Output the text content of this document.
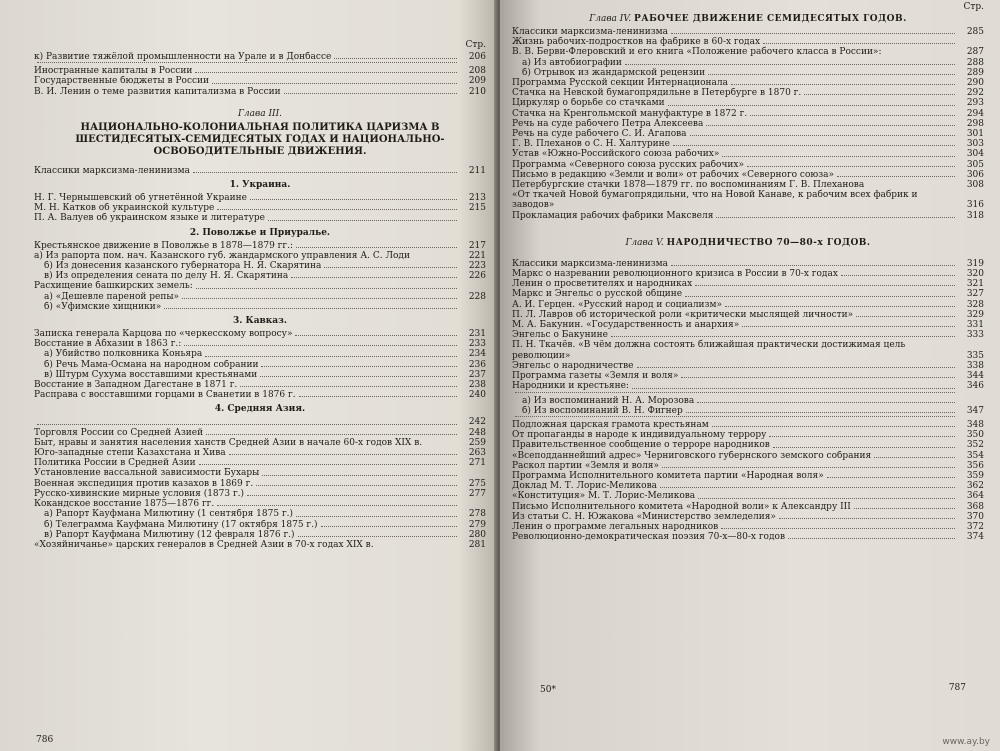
Стр.
к) Развитие тяжёлой промышленности на Урале и в Донбассе	206
Иностранные капиталы в России	208
Государственные бюджеты в России	209
В. И. Ленин о теме развития капитализма в России	210
Глава III.
НАЦИОНАЛЬНО-КОЛОНИАЛЬНАЯ ПОЛИТИКА ЦАРИЗМА В ШЕСТИДЕСЯТЫХ-СЕМИДЕСЯТЫХ ГОДАХ И НАЦИОНАЛЬНО-ОСВОБОДИТЕЛЬНЫЕ ДВИЖЕНИЯ.
Классики марксизма-ленинизма	211
1. Украина.
Н. Г. Чернышевский об угнетённой Украине	213
М. Н. Катков об украинской культуре	215
П. А. Валуев об украинском языке и литературе
2. Поволжье и Приуралье.
Крестьянское движение в Поволжье в 1878—1879 гг.:	217
а) Из рапорта пом. нач. Казанского губ. жандармского управления А. С. Лоди	221
б) Из донесения казанского губернатора Н. Я. Скарятина	223
в) Из определения сената по делу Н. Я. Скарятина	226
Расхищение башкирских земель:
а) «Дешевле пареной репы»	228
б) «Уфимские хищники»
3. Кавказ.
Записка генерала Карцова по «черкесскому вопросу»	231
Восстание в Абхазии в 1863 г.:	233
а) Убийство полковника Коньяра	234
б) Речь Мама-Османа на народном собрании	236
в) Штурм Сухума восставшими крестьянами	237
Восстание в Западном Дагестане в 1871 г.	238
Расправа с восставшими горцами в Сванетии в 1876 г.	240
4. Средняя Азия.
242
Торговля России со Средней Азией	248
Быт, нравы и занятия населения ханств Средней Азии в начале 60-х годов XIX в.	259
Юго-западные степи Казахстана и Хива	263
Политика России в Средней Азии	271
Установление вассальной зависимости Бухары
Военная экспедиция против казахов в 1869 г.	275
Русско-хивинские мирные условия (1873 г.)	277
Кокандское восстание 1875—1876 гг.
а) Рапорт Кауфмана Милютину (1 сентября 1875 г.)	278
б) Телеграмма Кауфмана Милютину (17 октября 1875 г.)	279
в) Рапорт Кауфмана Милютину (12 февраля 1876 г.)	280
«Хозяйничанье» царских генералов в Средней Азии в 70-х годах XIX в.	281
786
Стр.
Глава IV. РАБОЧЕЕ ДВИЖЕНИЕ СЕМИДЕСЯТЫХ ГОДОВ.
Классики марксизма-ленинизма	285
Жизнь рабочих-подростков на фабрике в 60-х годах
В. В. Берви-Флеровский и его книга «Положение рабочего класса в России»:	287
а) Из автобиографии	288
б) Отрывок из жандармской рецензии	289
Программа Русской секции Интернационала	290
Стачка на Невской бумагопрядильне в Петербурге в 1870 г.	292
Циркуляр о борьбе со стачками	293
Стачка на Кренгольмской мануфактуре в 1872 г.	294
Речь на суде рабочего Петра Алексеева	298
Речь на суде рабочего С. И. Агапова	301
Г. В. Плеханов о С. Н. Халтурине	303
Устав «Южно-Российского союза рабочих»	304
Программа «Северного союза русских рабочих»	305
Письмо в редакцию «Земли и воли» от рабочих «Северного союза»	306
Петербургские стачки 1878—1879 гг. по воспоминаниям Г. В. Плеханова	308
«От ткачей Новой бумагопрядильни, что на Новой Канаве, к рабочим всех фабрик и заводов»	316
Прокламация рабочих фабрики Максвеля	318
Глава V. НАРОДНИЧЕСТВО 70—80-х ГОДОВ.
Классики марксизма-ленинизма	319
Маркс о назревании революционного кризиса в России в 70-х годах	320
Ленин о просветителях и народниках	321
Маркс и Энгельс о русской общине	327
А. И. Герцен. «Русский народ и социализм»	328
П. Л. Лавров об исторической роли «критически мыслящей личности»	329
М. А. Бакунин. «Государственность и анархия»	331
Энгельс о Бакунине	333
П. Н. Ткачёв. «В чём должна состоять ближайшая практически достижимая цель революции»	335
Энгельс о народничестве	338
Программа газеты «Земля и воля»	344
Народники и крестьяне:	346
а) Из воспоминаний Н. А. Морозова
б) Из воспоминаний В. Н. Фигнер	347
Подложная царская грамота крестьянам	348
От пропаганды в народе к индивидуальному террору	350
Правительственное сообщение о терроре народников	352
«Всеподданнейший адрес» Черниговского губернского земского собрания	354
Раскол партии «Земля и воля»	356
Программа Исполнительного комитета партии «Народная воля»	359
Доклад М. Т. Лорис-Меликова	362
«Конституция» М. Т. Лорис-Меликова	364
Письмо Исполнительного комитета «Народной воли» к Александру III	368
Из статьи С. Н. Южакова «Министерство земледелия»	370
Ленин о программе легальных народников	372
Революционно-демократическая поэзия 70-х—80-х годов	374
50*	787
www.ay.by
